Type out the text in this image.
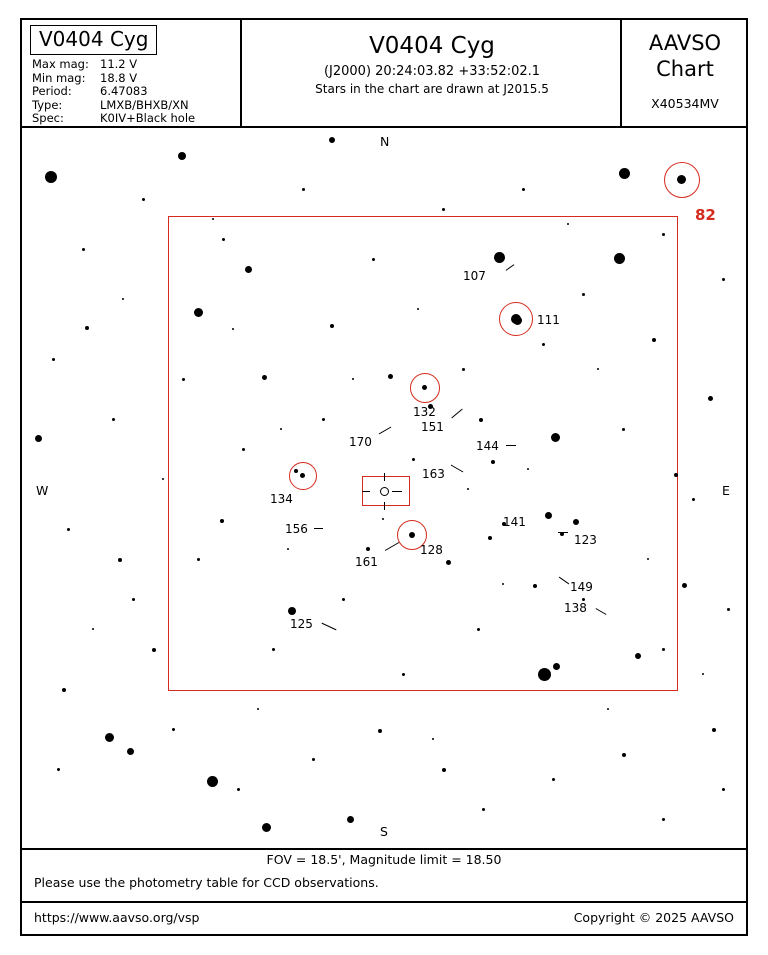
V0404 Cyg
Max mag: 11.2 V
Min mag:	18.8 V
Period:	6.47083
Type:	LMXB/BHXB/XN
Spec:	K0IV+Black hole
V0404 Cyg
(J2000) 20:24:03.82 +33:52:02.1
Stars in the chart are drawn at J2015.5
AAVSO
Chart
X40534MV
N
S
E
W
82
107
111
132
151
170	144
163
134
156	141
123
128
161
149
138
125
FOV = 18.5', Magnitude limit = 18.50
Please use the photometry table for CCD observations.
https://www.aavso.org/vsp	Copyright © 2025 AAVSO
